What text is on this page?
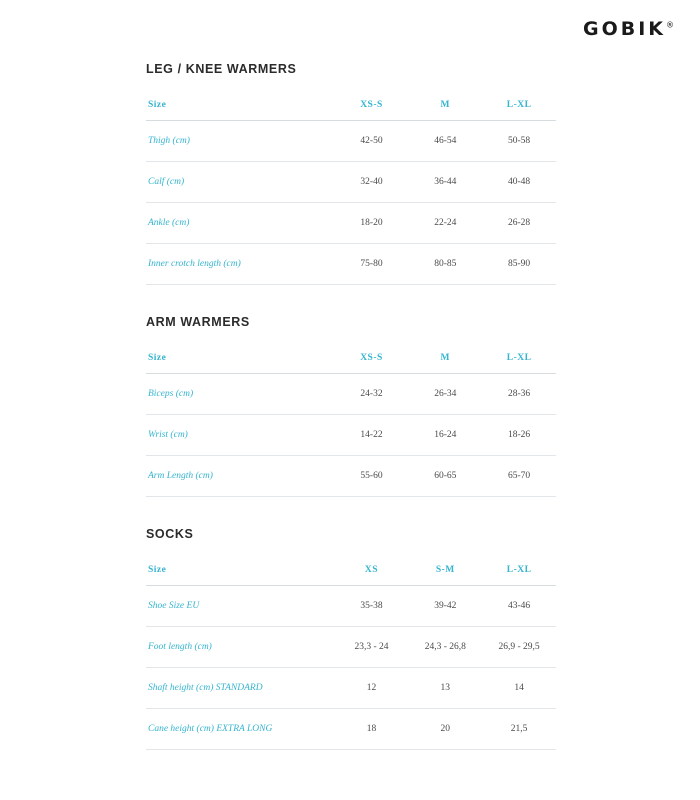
GOBIK®
LEG / KNEE WARMERS
Size	XS-S	M	L-XL
Thigh (cm)	42-50	46-54	50-58
Calf (cm)	32-40	36-44	40-48
Ankle (cm)	18-20	22-24	26-28
Inner crotch length (cm)	75-80	80-85	85-90
ARM WARMERS
Size	XS-S	M	L-XL
Biceps (cm)	24-32	26-34	28-36
Wrist (cm)	14-22	16-24	18-26
Arm Length (cm)	55-60	60-65	65-70
SOCKS
Size	XS	S-M	L-XL
Shoe Size EU	35-38	39-42	43-46
Foot length (cm)	23,3 - 24	24,3 - 26,8	26,9 - 29,5
Shaft height (cm) STANDARD	12	13	14
Cane height (cm) EXTRA LONG	18	20	21,5
